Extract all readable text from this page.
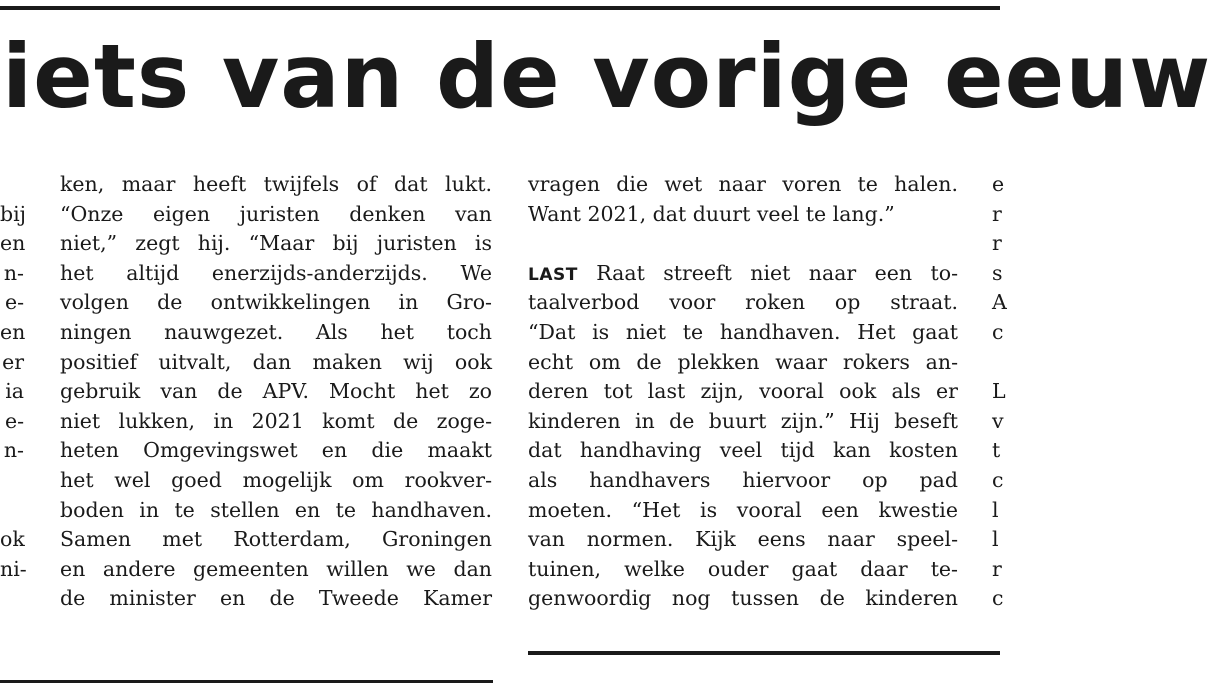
iets van de vorige eeuw
bij
en
n-
e-
en
er
ia
e-
n-
ok
ni-
ken, maar heeft twijfels of dat lukt.
“Onze eigen juristen denken van
niet,” zegt hij. “Maar bij juristen is
het altijd enerzijds-anderzijds. We
volgen de ontwikkelingen in Gro-
ningen nauwgezet. Als het toch
positief uitvalt, dan maken wij ook
gebruik van de APV. Mocht het zo
niet lukken, in 2021 komt de zoge-
heten Omgevingswet en die maakt
het wel goed mogelijk om rookver-
boden in te stellen en te handhaven.
Samen met Rotterdam, Groningen
en andere gemeenten willen we dan
de minister en de Tweede Kamer
vragen die wet naar voren te halen.
Want 2021, dat duurt veel te lang.”
LAST Raat streeft niet naar een to-
taalverbod voor roken op straat.
“Dat is niet te handhaven. Het gaat
echt om de plekken waar rokers an-
deren tot last zijn, vooral ook als er
kinderen in de buurt zijn.” Hij beseft
dat handhaving veel tijd kan kosten
als handhavers hiervoor op pad
moeten. “Het is vooral een kwestie
van normen. Kijk eens naar speel-
tuinen, welke ouder gaat daar te-
genwoordig nog tussen de kinderen
e
r
r
s
A
c
L
v
t
c
l
l
r
c
